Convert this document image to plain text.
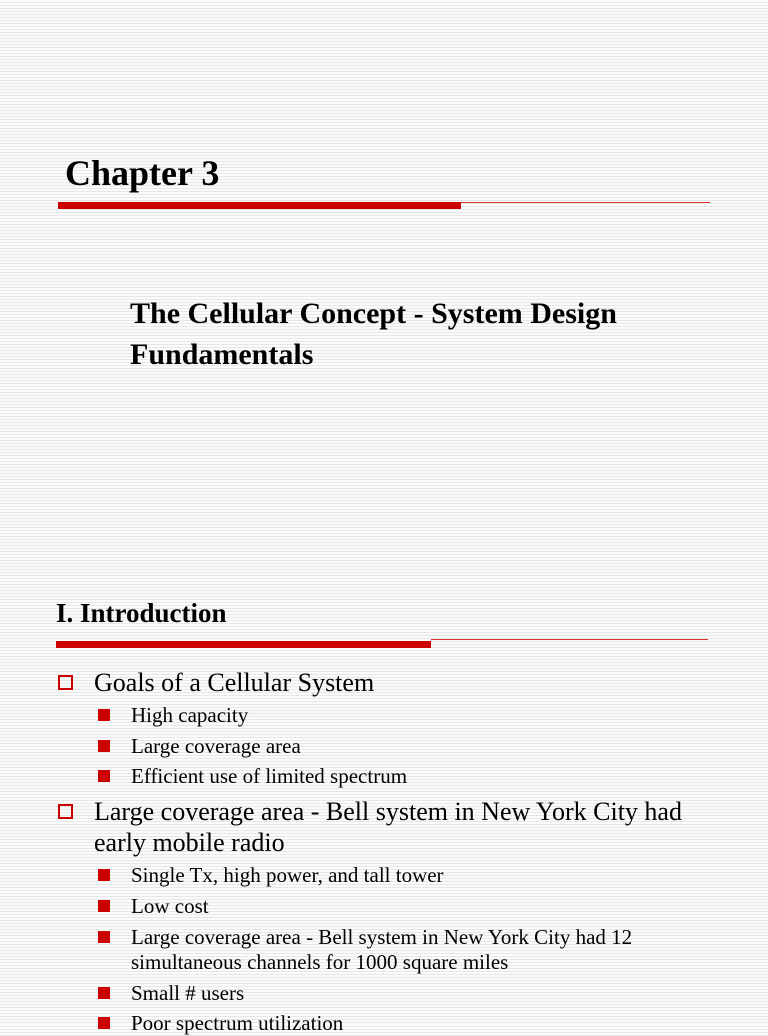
Chapter 3
The Cellular Concept - System Design Fundamentals
I. Introduction
Goals of a Cellular System
High capacity
Large coverage area
Efficient use of limited spectrum
Large coverage area - Bell system in New York City had early mobile radio
Single Tx, high power, and tall tower
Low cost
Large coverage area - Bell system in New York City had 12 simultaneous channels for 1000 square miles
Small # users
Poor spectrum utilization
